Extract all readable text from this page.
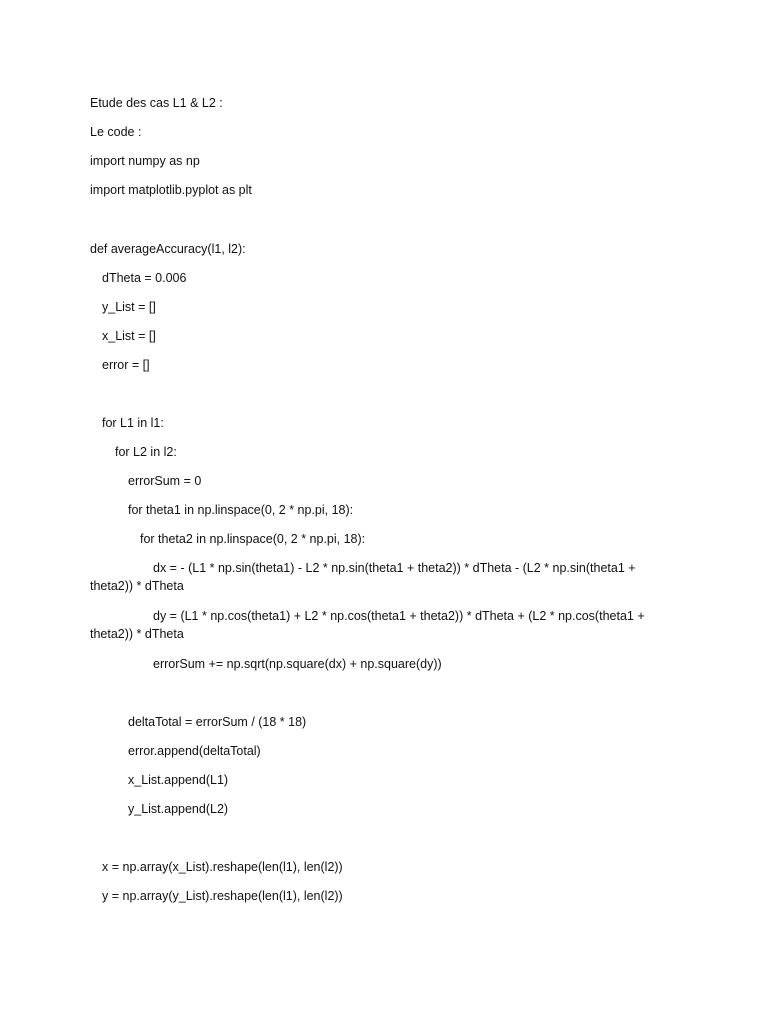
Etude des cas L1 & L2 :
Le code :
import numpy as np
import matplotlib.pyplot as plt
def averageAccuracy(l1, l2):
dTheta = 0.006
y_List = []
x_List = []
error = []
for L1 in l1:
for L2 in l2:
errorSum = 0
for theta1 in np.linspace(0, 2 * np.pi, 18):
for theta2 in np.linspace(0, 2 * np.pi, 18):
dx = - (L1 * np.sin(theta1) - L2 * np.sin(theta1 + theta2)) * dTheta - (L2 * np.sin(theta1 +
theta2)) * dTheta
dy = (L1 * np.cos(theta1) + L2 * np.cos(theta1 + theta2)) * dTheta + (L2 * np.cos(theta1 +
theta2)) * dTheta
errorSum += np.sqrt(np.square(dx) + np.square(dy))
deltaTotal = errorSum / (18 * 18)
error.append(deltaTotal)
x_List.append(L1)
y_List.append(L2)
x = np.array(x_List).reshape(len(l1), len(l2))
y = np.array(y_List).reshape(len(l1), len(l2))
